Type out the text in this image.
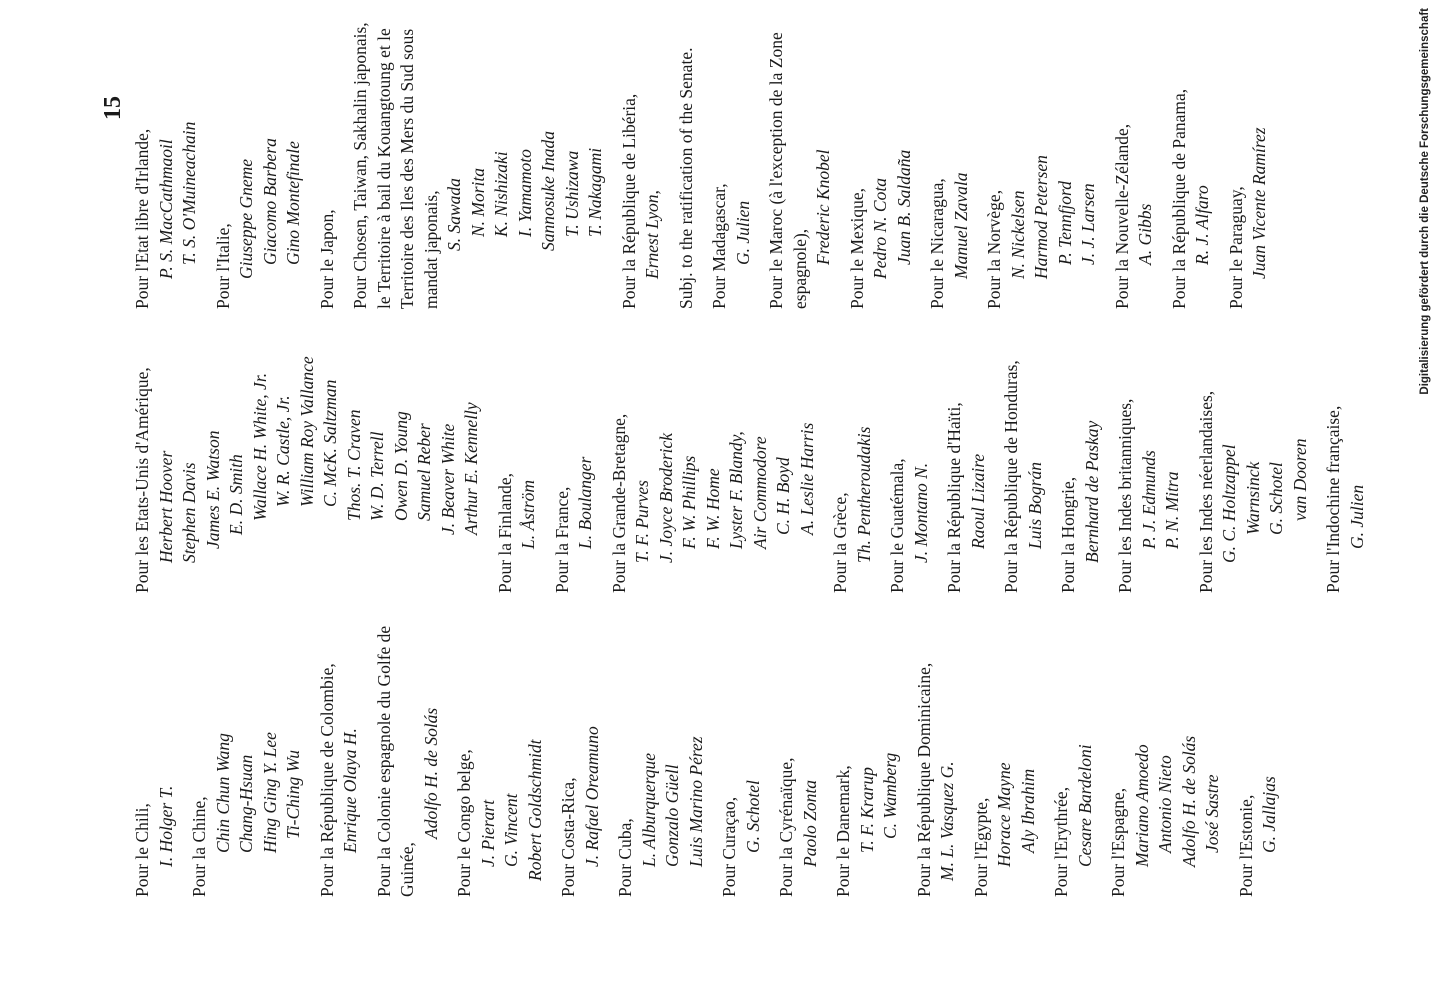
15
Pour le Chili, I. Holger T. Pour la Chine, Chin Chun Wang Chang-Hsuan Hing Ging Y. Lee Ti-Ching Wu Pour la République de Colombie, Enrique Olaya H. Pour la Colonie espagnole du Golfe de Guinée,
Adolfo H. de Solás Pour le Congo belge, J. Pierart G. Vincent Robert Goldschmidt Pour Costa-Rica, J. Rafael Oreamuno Pour Cuba, L. Alburquerque Gonzalo Güell Luis Marino Pérez Pour Curaçao, G. Schotel Pour la Cyrénaïque, Paolo Zonta Pour le Danemark, T. F. Krarup C. Wamberg Pour la République Dominicaine, M. L. Vasquez G. Pour l'Egypte, Horace Mayne Aly Ibrahim Pour l'Erythrée, Cesare Bardeloni Pour l'Espagne, Mariano Amoedo Antonio Nieto Adolfo H. de Solás José Sastre Pour l'Estonie, G. Jallajas
Pour les Etats-Unis d'Amérique, Herbert Hoover Stephen Davis James E. Watson E. D. Smith Wallace H. White, Jr. W. R. Castle, Jr. William Roy Vallance C. McK. Saltzman Thos. T. Craven W. D. Terrell Owen D. Young Samuel Reber J. Beaver White Arthur E. Kennelly Pour la Finlande, L. Åström Pour la France, L. Boulanger Pour la Grande-Bretagne, T. F. Purves J. Joyce Broderick F. W. Phillips F. W. Home Lyster F. Blandy, Air Commodore C. H. Boyd A. Leslie Harris
Pour la Grèce, Th. Pentheroudakis Pour le Guatémala, J. Montano N. Pour la République d'Haïti, Raoul Lizaire Pour la République de Honduras, Luis Bográn Pour la Hongrie, Bernhard de Paskay Pour les Indes britanniques, P. J. Edmunds P. N. Mitra Pour les Indes néerlandaises, G. C. Holtzappel Warnsinck G. Schotel van Dooren Pour l'Indochine française, G. Julien
Pour l'Etat libre d'Irlande, P. S. MacCathmaoil T. S. O'Muineachain
Pour l'Italie, Giuseppe Gneme Giacomo Barbera Gino Montefinale Pour le Japon, Pour Chosen, Taiwan, Sakhalin japonais, le Territoire à bail du Kouangtoung et le Territoire des Iles des Mers du Sud sous mandat japonais, S. Sawada N. Morita K. Nishizaki I. Yamamoto Sannosuke Inada T. Ushizawa T. Nakagami Pour la République de Libéria, Ernest Lyon, Subj. to the ratification of the Senate. Pour Madagascar, G. Julien Pour le Maroc (à l'exception de la Zone espagnole),
Frederic Knobel Pour le Mexique, Pedro N. Cota Juan B. Saldaña Pour le Nicaragua, Manuel Zavala Pour la Norvège, N. Nickelsen Harmod Petersen P. Tennfjord J. J. Larsen Pour la Nouvelle-Zélande, A. Gibbs Pour la République de Panama, R. J. Alfaro Pour le Paraguay, Juan Vicente Ramírez	Digitalisierung gefördert durch die Deutsche Forschungsgemeinschaft
